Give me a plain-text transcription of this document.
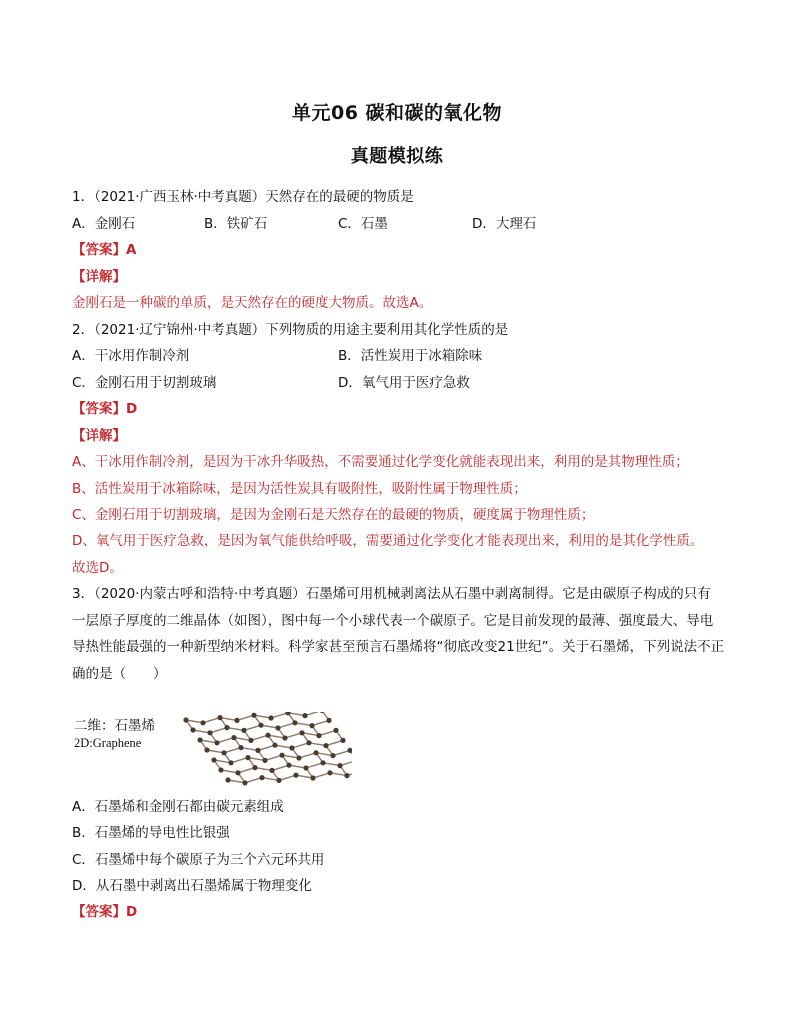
单元06 碳和碳的氧化物
真题模拟练
1．（2021·广西玉林·中考真题）天然存在的最硬的物质是
A．金刚石	B．铁矿石	C．石墨	D．大理石
【答案】A
【详解】
金刚石是一种碳的单质，是天然存在的硬度大物质。故选A。
2．（2021·辽宁锦州·中考真题）下列物质的用途主要利用其化学性质的是
A．干冰用作制冷剂	B．活性炭用于冰箱除味
C．金刚石用于切割玻璃	D．氧气用于医疗急救
【答案】D
【详解】
A、干冰用作制冷剂，是因为干冰升华吸热，不需要通过化学变化就能表现出来，利用的是其物理性质；
B、活性炭用于冰箱除味，是因为活性炭具有吸附性，吸附性属于物理性质；
C、金刚石用于切割玻璃，是因为金刚石是天然存在的最硬的物质，硬度属于物理性质；
D、氧气用于医疗急救，是因为氧气能供给呼吸，需要通过化学变化才能表现出来，利用的是其化学性质。
故选D。
3．（2020·内蒙古呼和浩特·中考真题）石墨烯可用机械剥离法从石墨中剥离制得。它是由碳原子构成的只有
一层原子厚度的二维晶体（如图），图中每一个小球代表一个碳原子。它是目前发现的最薄、强度最大、导电
导热性能最强的一种新型纳米材料。科学家甚至预言石墨烯将“彻底改变21世纪”。关于石墨烯，下列说法不正
确的是（　　）
二维：石墨烯
2D:Graphene
A．石墨烯和金刚石都由碳元素组成
B．石墨烯的导电性比银强
C．石墨烯中每个碳原子为三个六元环共用
D．从石墨中剥离出石墨烯属于物理变化
【答案】D
